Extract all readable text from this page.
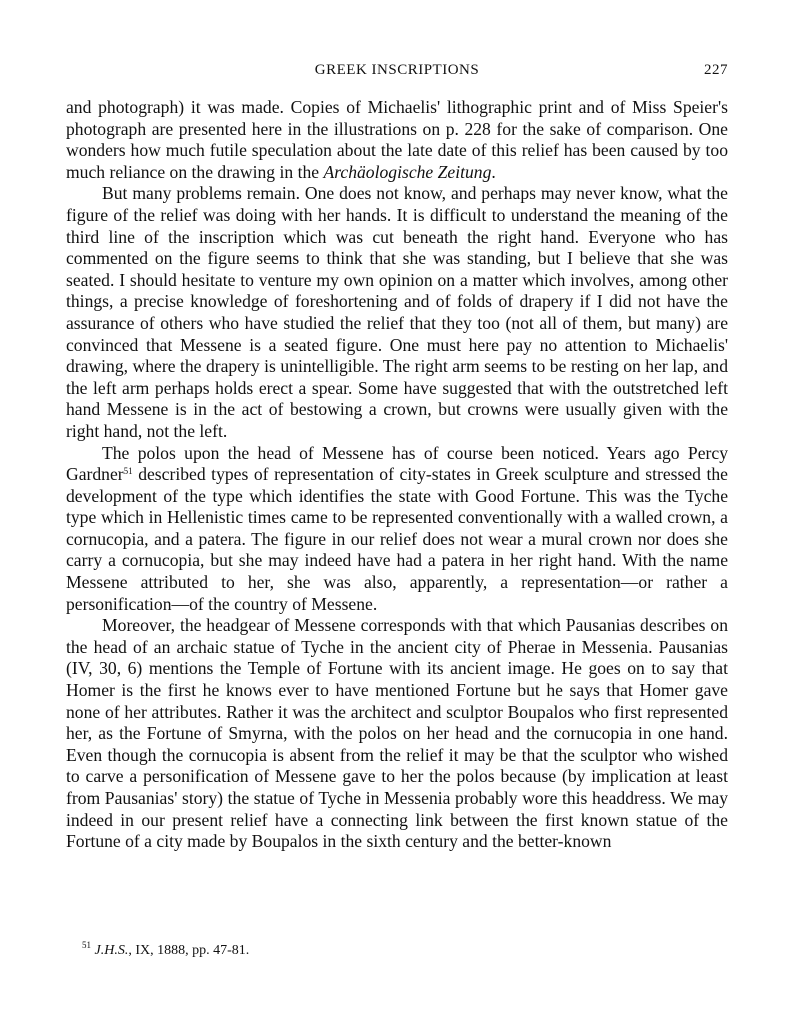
GREEK INSCRIPTIONS	227

and photograph) it was made. Copies of Michaelis' lithographic print and of Miss Speier's photograph are presented here in the illustrations on p. 228 for the sake of comparison. One wonders how much futile speculation about the late date of this relief has been caused by too much reliance on the drawing in the Archäologische Zeitung.

But many problems remain. One does not know, and perhaps may never know, what the figure of the relief was doing with her hands. It is difficult to understand the meaning of the third line of the inscription which was cut beneath the right hand. Everyone who has commented on the figure seems to think that she was standing, but I believe that she was seated. I should hesitate to venture my own opinion on a matter which involves, among other things, a precise knowledge of foreshortening and of folds of drapery if I did not have the assurance of others who have studied the relief that they too (not all of them, but many) are convinced that Messene is a seated figure. One must here pay no attention to Michaelis' drawing, where the drapery is unintelligible. The right arm seems to be resting on her lap, and the left arm perhaps holds erect a spear. Some have suggested that with the outstretched left hand Messene is in the act of bestowing a crown, but crowns were usually given with the right hand, not the left.

The polos upon the head of Messene has of course been noticed. Years ago Percy Gardner$^{51}$ described types of representation of city-states in Greek sculpture and stressed the development of the type which identifies the state with Good Fortune. This was the Tyche type which in Hellenistic times came to be represented conventionally with a walled crown, a cornucopia, and a patera. The figure in our relief does not wear a mural crown nor does she carry a cornucopia, but she may indeed have had a patera in her right hand. With the name Messene attributed to her, she was also, apparently, a representation—or rather a personification—of the country of Messene.

Moreover, the headgear of Messene corresponds with that which Pausanias describes on the head of an archaic statue of Tyche in the ancient city of Pherae in Messenia. Pausanias (IV, 30, 6) mentions the Temple of Fortune with its ancient image. He goes on to say that Homer is the first he knows ever to have mentioned Fortune but he says that Homer gave none of her attributes. Rather it was the architect and sculptor Boupalos who first represented her, as the Fortune of Smyrna, with the polos on her head and the cornucopia in one hand. Even though the cornucopia is absent from the relief it may be that the sculptor who wished to carve a personification of Messene gave to her the polos because (by implication at least from Pausanias' story) the statue of Tyche in Messenia probably wore this headdress. We may indeed in our present relief have a connecting link between the first known statue of the Fortune of a city made by Boupalos in the sixth century and the better-known

$^{51}$ J.H.S., IX, 1888, pp. 47-81.
